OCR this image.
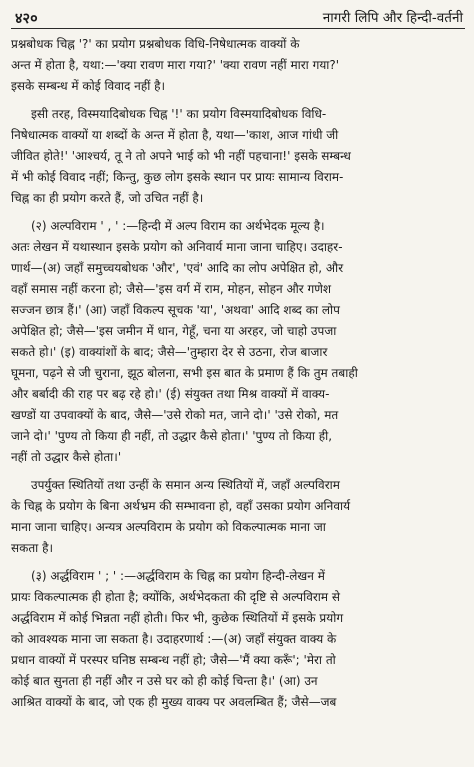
४२०	नागरी लिपि और हिन्दी-वर्तनी

प्रश्नबोधक चिह्न '?' का प्रयोग प्रश्नबोधक विधि-निषेधात्मक वाक्यों के
अन्त में होता है, यथा:—'क्या रावण मारा गया?' 'क्या रावण नहीं मारा गया?'
इसके सम्बन्ध में कोई विवाद नहीं है।

इसी तरह, विस्मयादिबोधक चिह्न '!' का प्रयोग विस्मयादिबोधक विधि-
निषेधात्मक वाक्यों या शब्दों के अन्त में होता है, यथा—'काश, आज गांधी जी
जीवित होते!' 'आश्चर्य, तू ने तो अपने भाई को भी नहीं पहचाना!' इसके सम्बन्ध
में भी कोई विवाद नहीं; किन्तु, कुछ लोग इसके स्थान पर प्रायः सामान्य विराम-
चिह्न का ही प्रयोग करते हैं, जो उचित नहीं है।

(२) अल्पविराम ' , ' :—हिन्दी में अल्प विराम का अर्थभेदक मूल्य है।
अतः लेखन में यथास्थान इसके प्रयोग को अनिवार्य माना जाना चाहिए। उदाहर-
णार्थ—(अ) जहाँ समुच्चयबोधक 'और', 'एवं' आदि का लोप अपेक्षित हो, और
वहाँ समास नहीं करना हो; जैसे—'इस वर्ग में राम, मोहन, सोहन और गणेश
सज्जन छात्र हैं।' (आ) जहाँ विकल्प सूचक 'या', 'अथवा' आदि शब्द का लोप
अपेक्षित हो; जैसे—'इस जमीन में धान, गेहूँ, चना या अरहर, जो चाहो उपजा
सकते हो।' (इ) वाक्यांशों के बाद; जैसे—'तुम्हारा देर से उठना, रोज बाजार
घूमना, पढ़ने से जी चुराना, झूठ बोलना, सभी इस बात के प्रमाण हैं कि तुम तबाही
और बर्बादी की राह पर बढ़ रहे हो।' (ई) संयुक्त तथा मिश्र वाक्यों में वाक्य-
खण्डों या उपवाक्यों के बाद, जैसे—'उसे रोको मत, जाने दो।' 'उसे रोको, मत
जाने दो।' 'पुण्य तो किया ही नहीं, तो उद्धार कैसे होता।' 'पुण्य तो किया ही,
नहीं तो उद्धार कैसे होता।'

उपर्युक्त स्थितियों तथा उन्हीं के समान अन्य स्थितियों में, जहाँ अल्पविराम
के चिह्न के प्रयोग के बिना अर्थभ्रम की सम्भावना हो, वहाँ उसका प्रयोग अनिवार्य
माना जाना चाहिए। अन्यत्र अल्पविराम के प्रयोग को विकल्पात्मक माना जा
सकता है।

(३) अर्द्धविराम ' ; ' :—अर्द्धविराम के चिह्न का प्रयोग हिन्दी-लेखन में
प्रायः विकल्पात्मक ही होता है; क्योंकि, अर्थभेदकता की दृष्टि से अल्पविराम से
अर्द्धविराम में कोई भिन्नता नहीं होती। फिर भी, कुछेक स्थितियों में इसके प्रयोग
को आवश्यक माना जा सकता है। उदाहरणार्थ :—(अ) जहाँ संयुक्त वाक्य के
प्रधान वाक्यों में परस्पर घनिष्ठ सम्बन्ध नहीं हो; जैसे—'मैं क्या करूँ'; 'मेरा तो
कोई बात सुनता ही नहीं और न उसे घर को ही कोई चिन्ता है।' (आ) उन
आश्रित वाक्यों के बाद, जो एक ही मुख्य वाक्य पर अवलम्बित हैं; जैसे—जब
